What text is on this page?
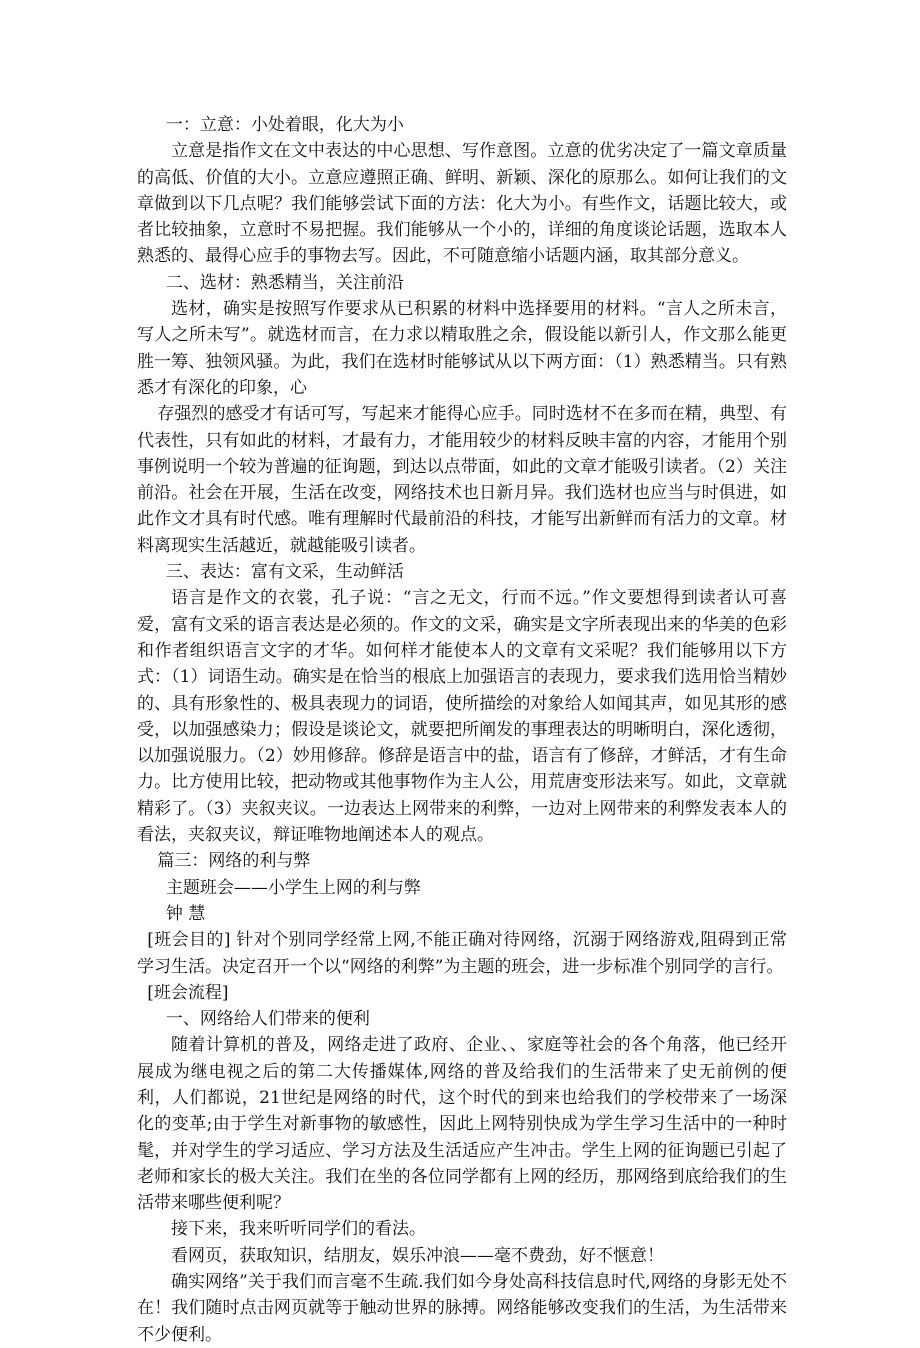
一：立意：小处着眼，化大为小

立意是指作文在文中表达的中心思想、写作意图。立意的优劣决定了一篇文章质量的高低、价值的大小。立意应遵照正确、鲜明、新颖、深化的原那么。如何让我们的文章做到以下几点呢？我们能够尝试下面的方法：化大为小。有些作文，话题比较大，或者比较抽象，立意时不易把握。我们能够从一个小的，详细的角度谈论话题，选取本人熟悉的、最得心应手的事物去写。因此，不可随意缩小话题内涵，取其部分意义。

二、选材：熟悉精当，关注前沿

选材，确实是按照写作要求从已积累的材料中选择要用的材料。“言人之所未言，写人之所未写”。就选材而言，在力求以精取胜之余，假设能以新引人，作文那么能更胜一筹、独领风骚。为此，我们在选材时能够试从以下两方面：（1）熟悉精当。只有熟悉才有深化的印象，心

存强烈的感受才有话可写，写起来才能得心应手。同时选材不在多而在精，典型、有代表性，只有如此的材料，才最有力，才能用较少的材料反映丰富的内容，才能用个别事例说明一个较为普遍的征询题，到达以点带面，如此的文章才能吸引读者。（2）关注前沿。社会在开展，生活在改变，网络技术也日新月异。我们选材也应当与时俱进，如此作文才具有时代感。唯有理解时代最前沿的科技，才能写出新鲜而有活力的文章。材料离现实生活越近，就越能吸引读者。

三、表达：富有文采，生动鲜活

语言是作文的衣裳，孔子说：“言之无文，行而不远。”作文要想得到读者认可喜爱，富有文采的语言表达是必须的。作文的文采，确实是文字所表现出来的华美的色彩和作者组织语言文字的才华。如何样才能使本人的文章有文采呢？我们能够用以下方式：（1）词语生动。确实是在恰当的根底上加强语言的表现力，要求我们选用恰当精妙的、具有形象性的、极具表现力的词语，使所描绘的对象给人如闻其声，如见其形的感受，以加强感染力；假设是谈论文，就要把所阐发的事理表达的明晰明白，深化透彻，以加强说服力。（2）妙用修辞。修辞是语言中的盐，语言有了修辞，才鲜活，才有生命力。比方使用比较，把动物或其他事物作为主人公，用荒唐变形法来写。如此，文章就精彩了。（3）夹叙夹议。一边表达上网带来的利弊，一边对上网带来的利弊发表本人的看法，夹叙夹议，辩证唯物地阐述本人的观点。

篇三：网络的利与弊

主题班会——小学生上网的利与弊

钟 慧

[班会目的] 针对个别同学经常上网,不能正确对待网络，沉溺于网络游戏,阻碍到正常学习生活。决定召开一个以“网络的利弊”为主题的班会，进一步标准个别同学的言行。

[班会流程]

一、网络给人们带来的便利

随着计算机的普及，网络走进了政府、企业、、家庭等社会的各个角落，他已经开展成为继电视之后的第二大传播媒体,网络的普及给我们的生活带来了史无前例的便利，人们都说，21世纪是网络的时代，这个时代的到来也给我们的学校带来了一场深化的变革;由于学生对新事物的敏感性，因此上网特别快成为学生学习生活中的一种时髦，并对学生的学习适应、学习方法及生活适应产生冲击。学生上网的征询题已引起了老师和家长的极大关注。我们在坐的各位同学都有上网的经历，那网络到底给我们的生活带来哪些便利呢？

接下来，我来听听同学们的看法。

看网页，获取知识，结朋友，娱乐冲浪——毫不费劲，好不惬意！

确实网络”关于我们而言毫不生疏.我们如今身处高科技信息时代,网络的身影无处不在！我们随时点击网页就等于触动世界的脉搏。网络能够改变我们的生活，为生活带来不少便利。
